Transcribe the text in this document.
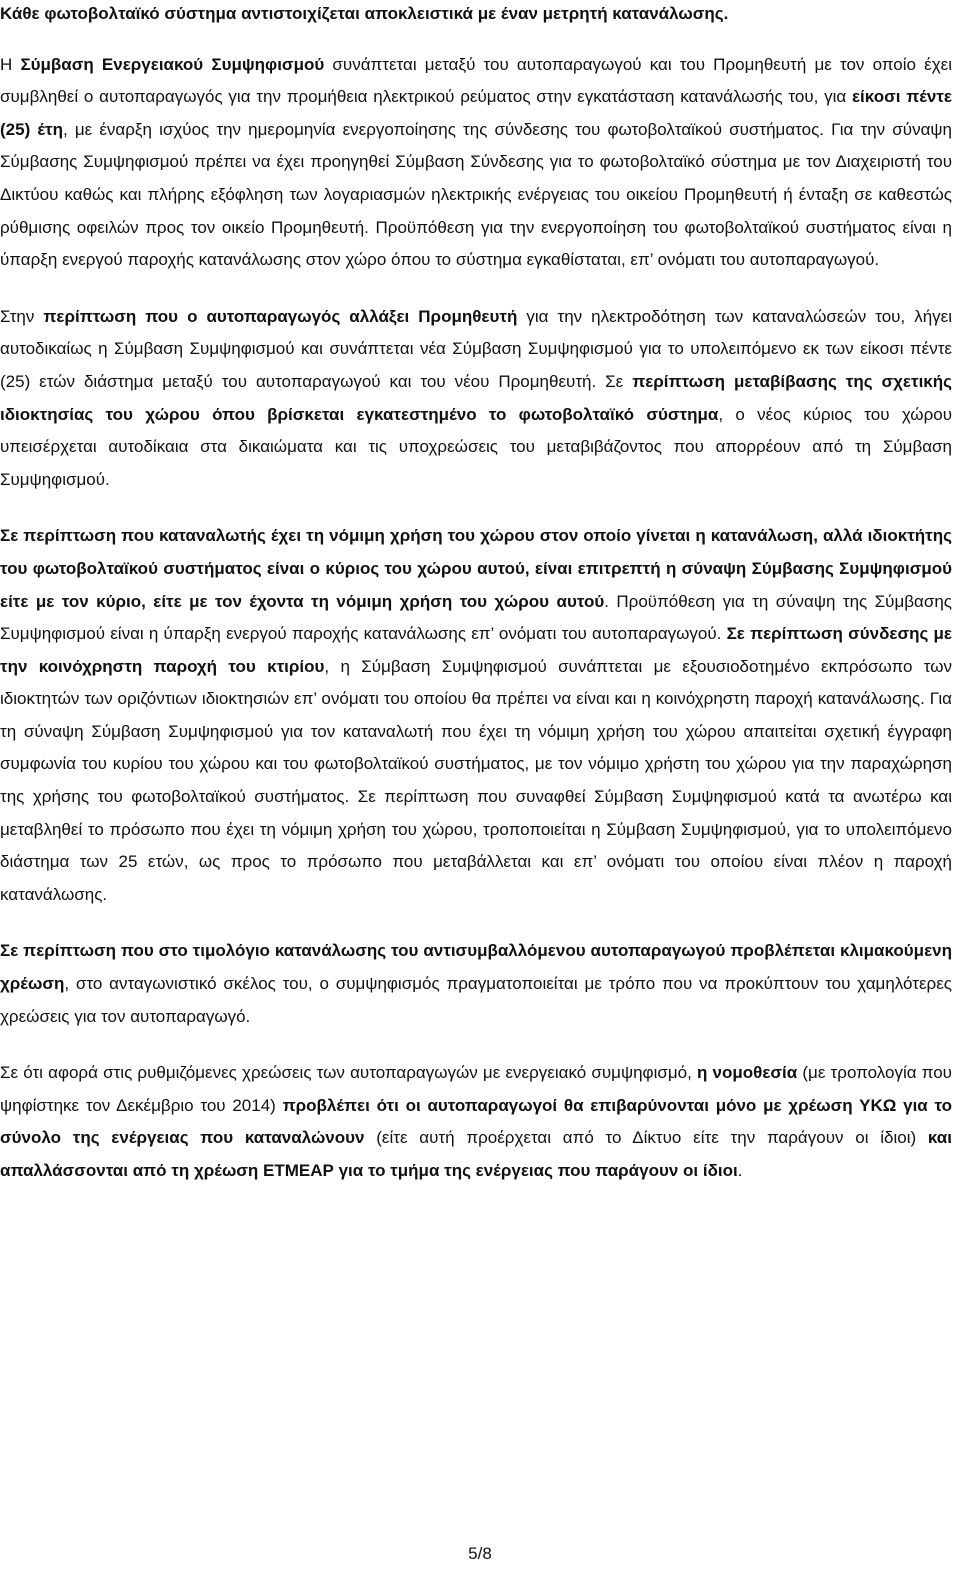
Κάθε φωτοβολταϊκό σύστημα αντιστοιχίζεται αποκλειστικά με έναν μετρητή κατανάλωσης.

Η Σύμβαση Ενεργειακού Συμψηφισμού συνάπτεται μεταξύ του αυτοπαραγωγού και του Προμηθευτή με τον οποίο έχει συμβληθεί ο αυτοπαραγωγός για την προμήθεια ηλεκτρικού ρεύματος στην εγκατάσταση κατανάλωσής του, για είκοσι πέντε (25) έτη, με έναρξη ισχύος την ημερομηνία ενεργοποίησης της σύνδεσης του φωτοβολταϊκού συστήματος. Για την σύναψη Σύμβασης Συμψηφισμού πρέπει να έχει προηγηθεί Σύμβαση Σύνδεσης για το φωτοβολταϊκό σύστημα με τον Διαχειριστή του Δικτύου καθώς και πλήρης εξόφληση των λογαριασμών ηλεκτρικής ενέργειας του οικείου Προμηθευτή ή ένταξη σε καθεστώς ρύθμισης οφειλών προς τον οικείο Προμηθευτή. Προϋπόθεση για την ενεργοποίηση του φωτοβολταϊκού συστήματος είναι η ύπαρξη ενεργού παροχής κατανάλωσης στον χώρο όπου το σύστημα εγκαθίσταται, επ’ ονόματι του αυτοπαραγωγού.

Στην περίπτωση που ο αυτοπαραγωγός αλλάξει Προμηθευτή για την ηλεκτροδότηση των καταναλώσεών του, λήγει αυτοδικαίως η Σύμβαση Συμψηφισμού και συνάπτεται νέα Σύμβαση Συμψηφισμού για το υπολειπόμενο εκ των είκοσι πέντε (25) ετών διάστημα μεταξύ του αυτοπαραγωγού και του νέου Προμηθευτή. Σε περίπτωση μεταβίβασης της σχετικής ιδιοκτησίας του χώρου όπου βρίσκεται εγκατεστημένο το φωτοβολταϊκό σύστημα, ο νέος κύριος του χώρου υπεισέρχεται αυτοδίκαια στα δικαιώματα και τις υποχρεώσεις του μεταβιβάζοντος που απορρέουν από τη Σύμβαση Συμψηφισμού.

Σε περίπτωση που καταναλωτής έχει τη νόμιμη χρήση του χώρου στον οποίο γίνεται η κατανάλωση, αλλά ιδιοκτήτης του φωτοβολταϊκού συστήματος είναι ο κύριος του χώρου αυτού, είναι επιτρεπτή η σύναψη Σύμβασης Συμψηφισμού είτε με τον κύριο, είτε με τον έχοντα τη νόμιμη χρήση του χώρου αυτού. Προϋπόθεση για τη σύναψη της Σύμβασης Συμψηφισμού είναι η ύπαρξη ενεργού παροχής κατανάλωσης επ’ ονόματι του αυτοπαραγωγού. Σε περίπτωση σύνδεσης με την κοινόχρηστη παροχή του κτιρίου, η Σύμβαση Συμψηφισμού συνάπτεται με εξουσιοδοτημένο εκπρόσωπο των ιδιοκτητών των οριζόντιων ιδιοκτησιών επ’ ονόματι του οποίου θα πρέπει να είναι και η κοινόχρηστη παροχή κατανάλωσης. Για τη σύναψη Σύμβαση Συμψηφισμού για τον καταναλωτή που έχει τη νόμιμη χρήση του χώρου απαιτείται σχετική έγγραφη συμφωνία του κυρίου του χώρου και του φωτοβολταϊκού συστήματος, με τον νόμιμο χρήστη του χώρου για την παραχώρηση της χρήσης του φωτοβολταϊκού συστήματος. Σε περίπτωση που συναφθεί Σύμβαση Συμψηφισμού κατά τα ανωτέρω και μεταβληθεί το πρόσωπο που έχει τη νόμιμη χρήση του χώρου, τροποποιείται η Σύμβαση Συμψηφισμού, για το υπολειπόμενο διάστημα των 25 ετών, ως προς το πρόσωπο που μεταβάλλεται και επ’ ονόματι του οποίου είναι πλέον η παροχή κατανάλωσης.

Σε περίπτωση που στο τιμολόγιο κατανάλωσης του αντισυμβαλλόμενου αυτοπαραγωγού προβλέπεται κλιμακούμενη χρέωση, στο ανταγωνιστικό σκέλος του, ο συμψηφισμός πραγματοποιείται με τρόπο που να προκύπτουν του χαμηλότερες χρεώσεις για τον αυτοπαραγωγό.

Σε ότι αφορά στις ρυθμιζόμενες χρεώσεις των αυτοπαραγωγών με ενεργειακό συμψηφισμό, η νομοθεσία (με τροπολογία που ψηφίστηκε τον Δεκέμβριο του 2014) προβλέπει ότι οι αυτοπαραγωγοί θα επιβαρύνονται μόνο με χρέωση ΥΚΩ για το σύνολο της ενέργειας που καταναλώνουν (είτε αυτή προέρχεται από το Δίκτυο είτε την παράγουν οι ίδιοι) και απαλλάσσονται από τη χρέωση ΕΤΜΕΑΡ για το τμήμα της ενέργειας που παράγουν οι ίδιοι.

5/8
